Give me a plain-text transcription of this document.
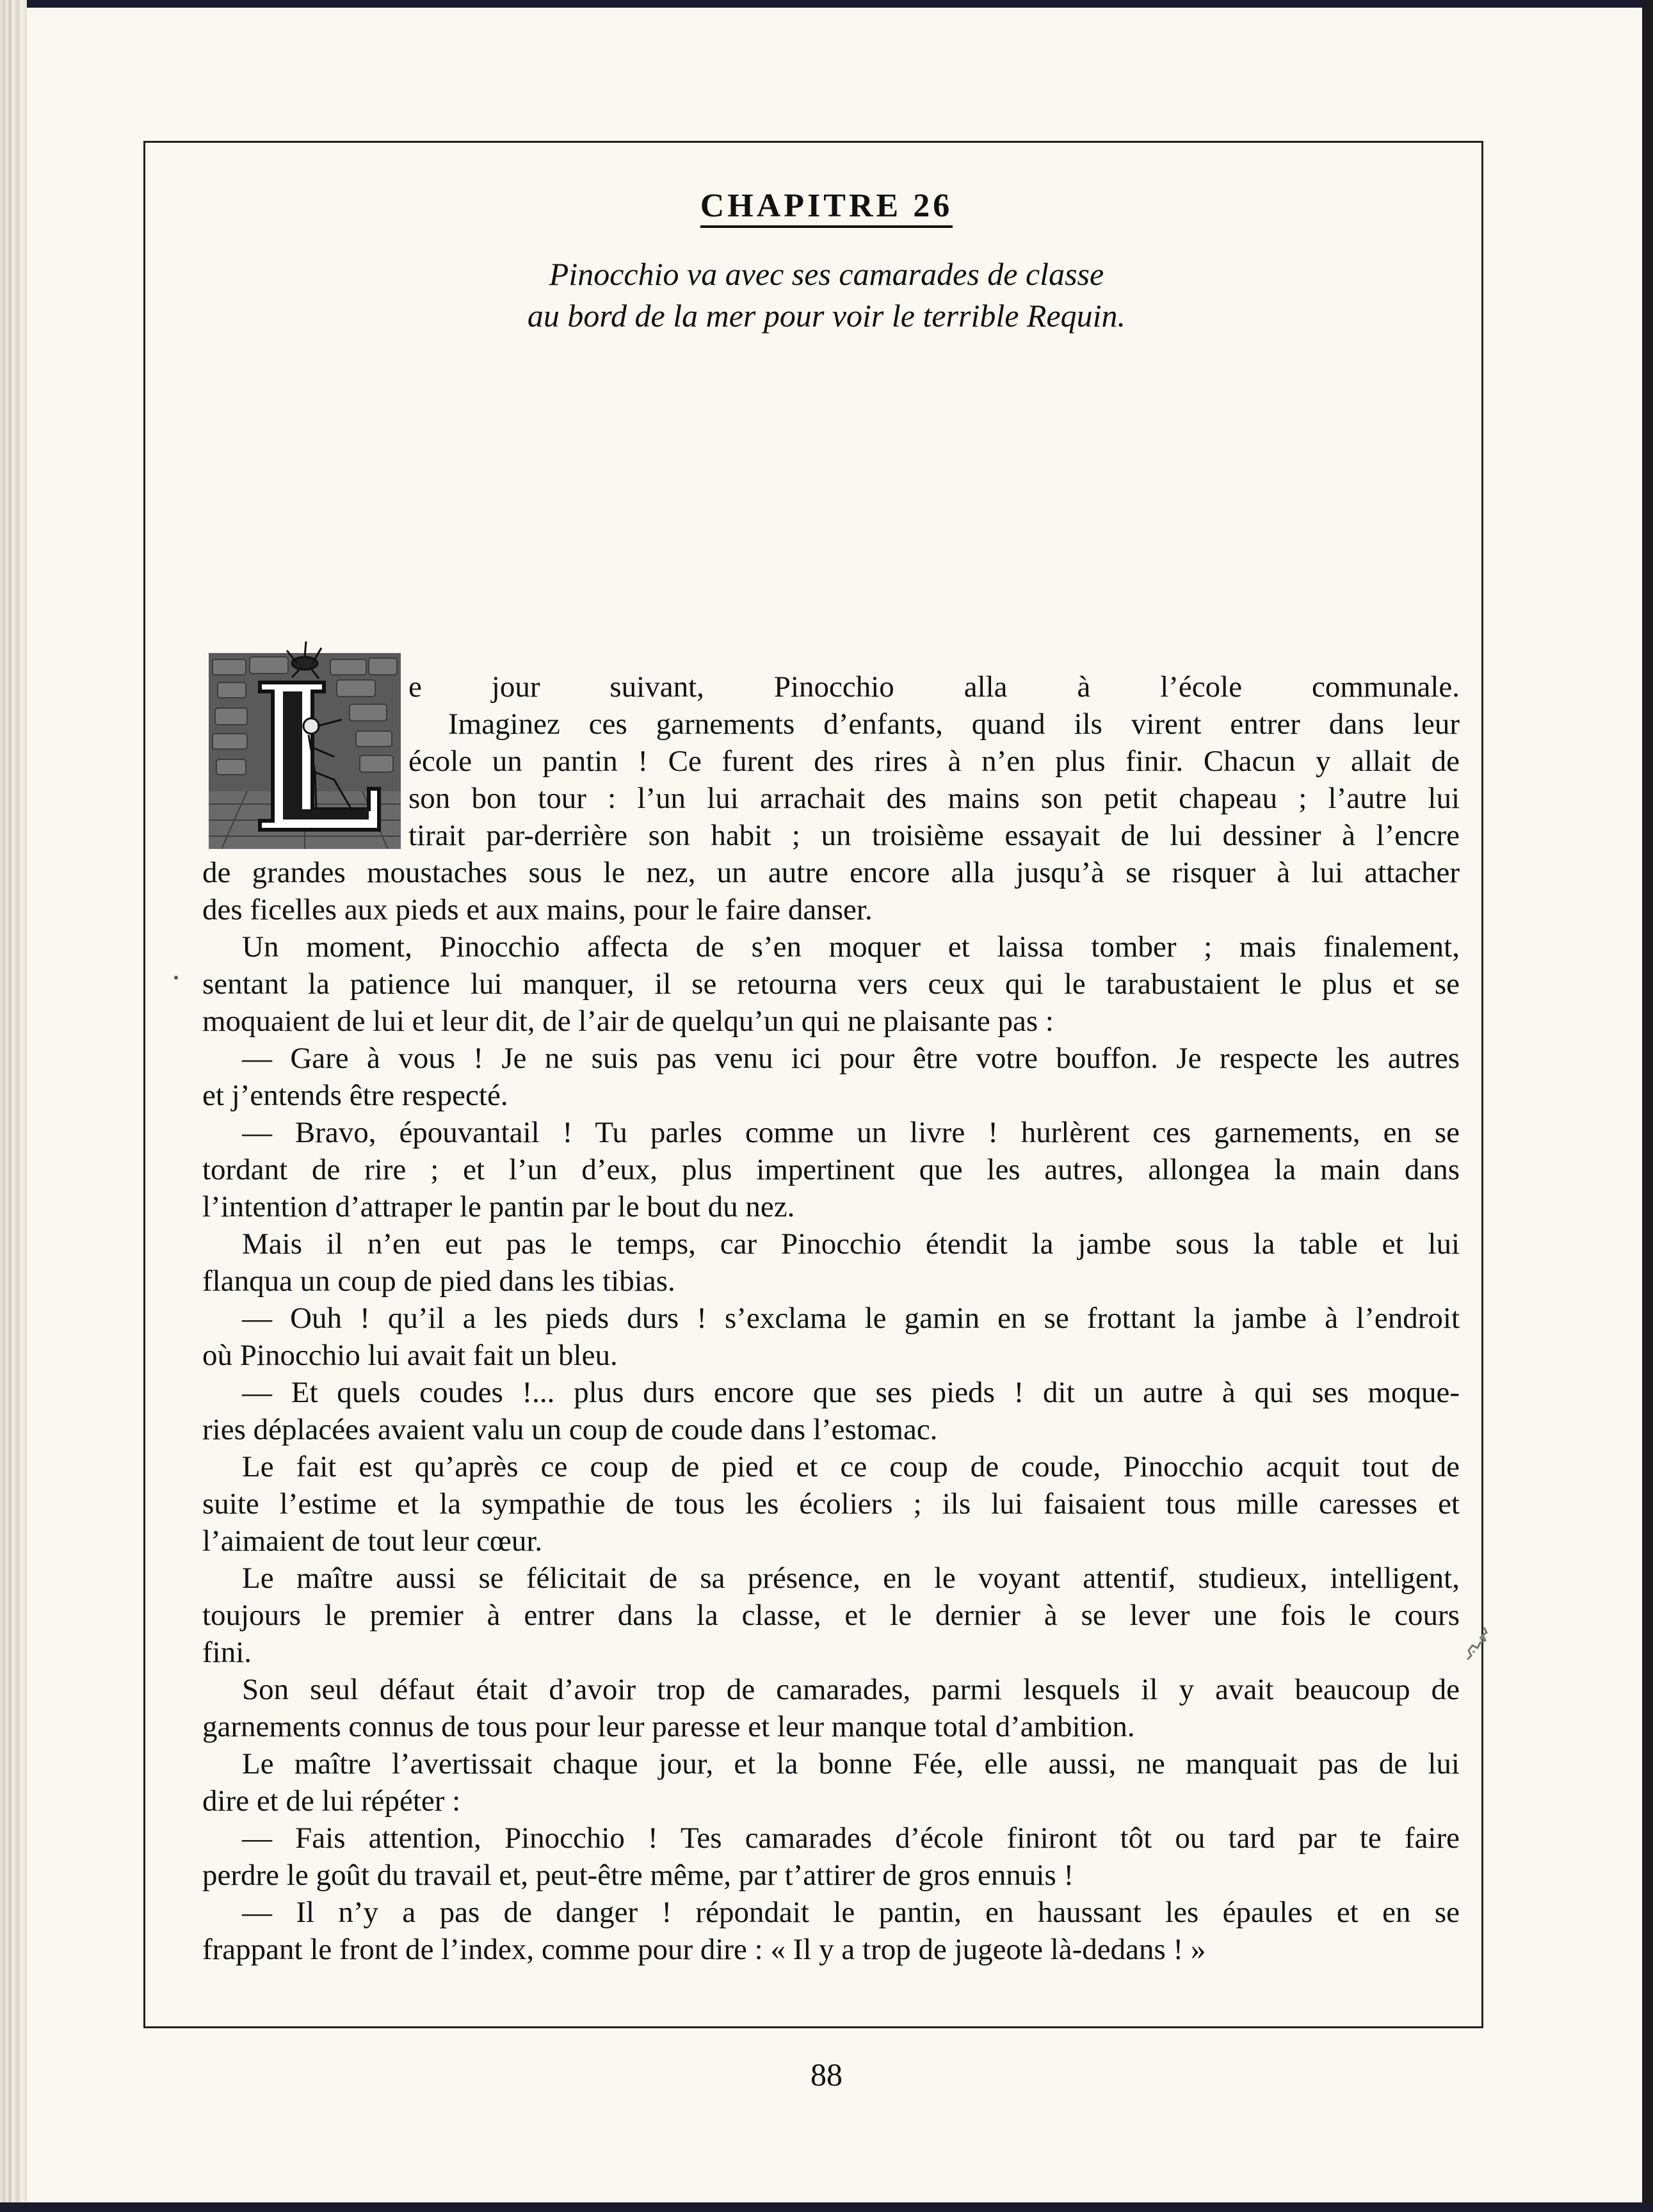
CHAPITRE 26
Pinocchio va avec ses camarades de classe
au bord de la mer pour voir le terrible Requin.
e jour suivant, Pinocchio alla à l’école communale.
Imaginez ces garnements d’enfants, quand ils virent entrer dans leur
école un pantin ! Ce furent des rires à n’en plus finir. Chacun y allait de
son bon tour : l’un lui arrachait des mains son petit chapeau ; l’autre lui
tirait par-derrière son habit ; un troisième essayait de lui dessiner à l’encre
de grandes moustaches sous le nez, un autre encore alla jusqu’à se risquer à lui attacher
des ficelles aux pieds et aux mains, pour le faire danser.
Un moment, Pinocchio affecta de s’en moquer et laissa tomber ; mais finalement,
sentant la patience lui manquer, il se retourna vers ceux qui le tarabustaient le plus et se
moquaient de lui et leur dit, de l’air de quelqu’un qui ne plaisante pas :
— Gare à vous ! Je ne suis pas venu ici pour être votre bouffon. Je respecte les autres
et j’entends être respecté.
— Bravo, épouvantail ! Tu parles comme un livre ! hurlèrent ces garnements, en se
tordant de rire ; et l’un d’eux, plus impertinent que les autres, allongea la main dans
l’intention d’attraper le pantin par le bout du nez.
Mais il n’en eut pas le temps, car Pinocchio étendit la jambe sous la table et lui
flanqua un coup de pied dans les tibias.
— Ouh ! qu’il a les pieds durs ! s’exclama le gamin en se frottant la jambe à l’endroit
où Pinocchio lui avait fait un bleu.
— Et quels coudes !... plus durs encore que ses pieds ! dit un autre à qui ses moque-
ries déplacées avaient valu un coup de coude dans l’estomac.
Le fait est qu’après ce coup de pied et ce coup de coude, Pinocchio acquit tout de
suite l’estime et la sympathie de tous les écoliers ; ils lui faisaient tous mille caresses et
l’aimaient de tout leur cœur.
Le maître aussi se félicitait de sa présence, en le voyant attentif, studieux, intelligent,
toujours le premier à entrer dans la classe, et le dernier à se lever une fois le cours
fini.
Son seul défaut était d’avoir trop de camarades, parmi lesquels il y avait beaucoup de
garnements connus de tous pour leur paresse et leur manque total d’ambition.
Le maître l’avertissait chaque jour, et la bonne Fée, elle aussi, ne manquait pas de lui
dire et de lui répéter :
— Fais attention, Pinocchio ! Tes camarades d’école finiront tôt ou tard par te faire
perdre le goût du travail et, peut-être même, par t’attirer de gros ennuis !
— Il n’y a pas de danger ! répondait le pantin, en haussant les épaules et en se
frappant le front de l’index, comme pour dire : « Il y a trop de jugeote là-dedans ! »
88
